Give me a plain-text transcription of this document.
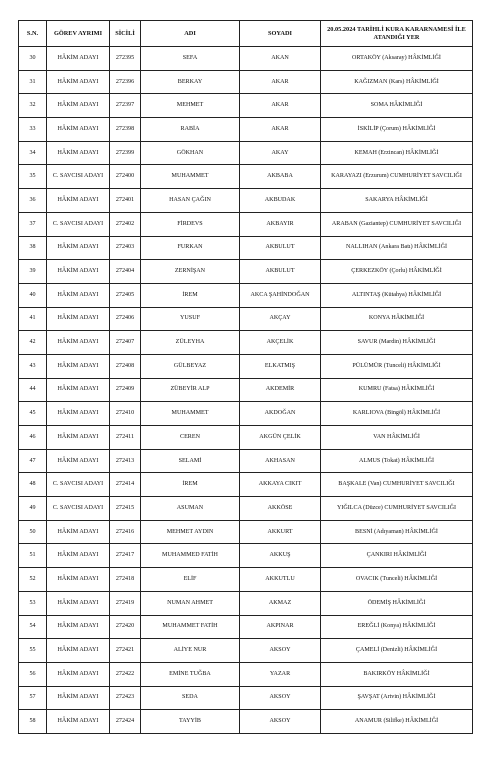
S.N.	GÖREV AYRIMI	SİCİLİ	ADI	SOYADI	20.05.2024 TARİHLİ KURA KARARNAMESİ İLE ATANDIĞI YER
30	HÂKİM ADAYI	272395	SEFA	AKAN	ORTAKÖY (Aksaray) HÂKİMLİĞİ
31	HÂKİM ADAYI	272396	BERKAY	AKAR	KAĞIZMAN (Kars) HÂKİMLİĞİ
32	HÂKİM ADAYI	272397	MEHMET	AKAR	SOMA HÂKİMLİĞİ
33	HÂKİM ADAYI	272398	RABİA	AKAR	İSKİLİP (Çorum) HÂKİMLİĞİ
34	HÂKİM ADAYI	272399	GÖKHAN	AKAY	KEMAH (Erzincan) HÂKİMLİĞİ
35	C. SAVCISI ADAYI	272400	MUHAMMET	AKBABA	KARAYAZI (Erzurum) CUMHURİYET SAVCILIĞI
36	HÂKİM ADAYI	272401	HASAN ÇAĞIN	AKBUDAK	SAKARYA HÂKİMLİĞİ
37	C. SAVCISI ADAYI	272402	FİRDEVS	AKBAYIR	ARABAN (Gaziantep) CUMHURİYET SAVCILIĞI
38	HÂKİM ADAYI	272403	FURKAN	AKBULUT	NALLIHAN (Ankara Batı) HÂKİMLİĞİ
39	HÂKİM ADAYI	272404	ZERNİŞAN	AKBULUT	ÇERKEZKÖY (Çorlu) HÂKİMLİĞİ
40	HÂKİM ADAYI	272405	İREM	AKCA ŞAHİNDOĞAN	ALTINTAŞ (Kütahya) HÂKİMLİĞİ
41	HÂKİM ADAYI	272406	YUSUF	AKÇAY	KONYA HÂKİMLİĞİ
42	HÂKİM ADAYI	272407	ZÜLEYHA	AKÇELİK	SAVUR (Mardin) HÂKİMLİĞİ
43	HÂKİM ADAYI	272408	GÜLBEYAZ	ELKATMIŞ	PÜLÜMÜR (Tunceli) HÂKİMLİĞİ
44	HÂKİM ADAYI	272409	ZÜBEYİR ALP	AKDEMİR	KUMRU (Fatsa) HÂKİMLİĞİ
45	HÂKİM ADAYI	272410	MUHAMMET	AKDOĞAN	KARLIOVA (Bingöl) HÂKİMLİĞİ
46	HÂKİM ADAYI	272411	CEREN	AKGÜN ÇELİK	VAN HÂKİMLİĞİ
47	HÂKİM ADAYI	272413	SELAMİ	AKHASAN	ALMUS (Tokat) HÂKİMLİĞİ
48	C. SAVCISI ADAYI	272414	İREM	AKKAYA CIKIT	BAŞKALE (Van) CUMHURİYET SAVCILIĞI
49	C. SAVCISI ADAYI	272415	ASUMAN	AKKÖSE	YIĞILCA (Düzce) CUMHURİYET SAVCILIĞI
50	HÂKİM ADAYI	272416	MEHMET AYDIN	AKKURT	BESNİ (Adıyaman) HÂKİMLİĞİ
51	HÂKİM ADAYI	272417	MUHAMMED FATİH	AKKUŞ	ÇANKIRI HÂKİMLİĞİ
52	HÂKİM ADAYI	272418	ELİF	AKKUTLU	OVACIK (Tunceli) HÂKİMLİĞİ
53	HÂKİM ADAYI	272419	NUMAN AHMET	AKMAZ	ÖDEMİŞ HÂKİMLİĞİ
54	HÂKİM ADAYI	272420	MUHAMMET FATİH	AKPINAR	EREĞLİ (Konya) HÂKİMLİĞİ
55	HÂKİM ADAYI	272421	ALİYE NUR	AKSOY	ÇAMELİ (Denizli) HÂKİMLİĞİ
56	HÂKİM ADAYI	272422	EMİNE TUĞBA	YAZAR	BAKIRKÖY HÂKİMLİĞİ
57	HÂKİM ADAYI	272423	SEDA	AKSOY	ŞAVŞAT (Artvin) HÂKİMLİĞİ
58	HÂKİM ADAYI	272424	TAYYİB	AKSOY	ANAMUR (Silifke) HÂKİMLİĞİ
